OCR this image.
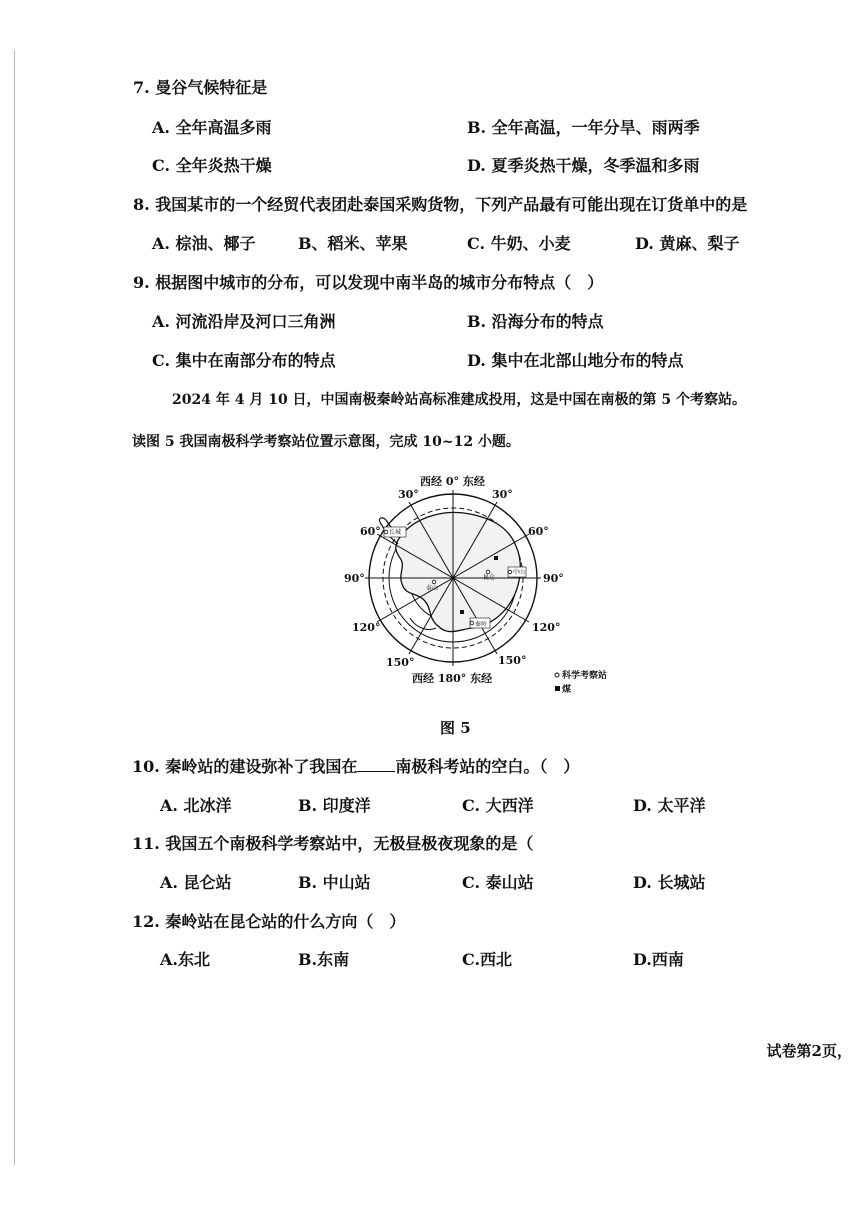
7. 曼谷气候特征是
A. 全年高温多雨	B. 全年高温，一年分旱、雨两季
C. 全年炎热干燥	D. 夏季炎热干燥，冬季温和多雨
8. 我国某市的一个经贸代表团赴泰国采购货物，下列产品最有可能出现在订货单中的是
A. 棕油、椰子	B、稻米、苹果	C. 牛奶、小麦	D. 黄麻、梨子
9. 根据图中城市的分布，可以发现中南半岛的城市分布特点（　）
A. 河流沿岸及河口三角洲	B. 沿海分布的特点
C. 集中在南部分布的特点	D. 集中在北部山地分布的特点
2024 年 4 月 10 日，中国南极秦岭站高标准建成投用，这是中国在南极的第 5 个考察站。
读图 5 我国南极科学考察站位置示意图，完成 10~12 小题。
西经 0° 东经
西经 180° 东经
30°	30°
60°	60°
90°	90°
120°	120°
150°	150°
长城
泰山
昆仑
中山
秦岭
科学考察站
煤
图 5
10. 秦岭站的建设弥补了我国在 南极科考站的空白。（　）
A. 北冰洋	B. 印度洋	C. 大西洋	D. 太平洋
11. 我国五个南极科学考察站中，无极昼极夜现象的是（
A. 昆仑站	B. 中山站	C. 泰山站	D. 长城站
12. 秦岭站在昆仑站的什么方向（　）
A.东北	B.东南	C.西北	D.西南
试卷第2页，
